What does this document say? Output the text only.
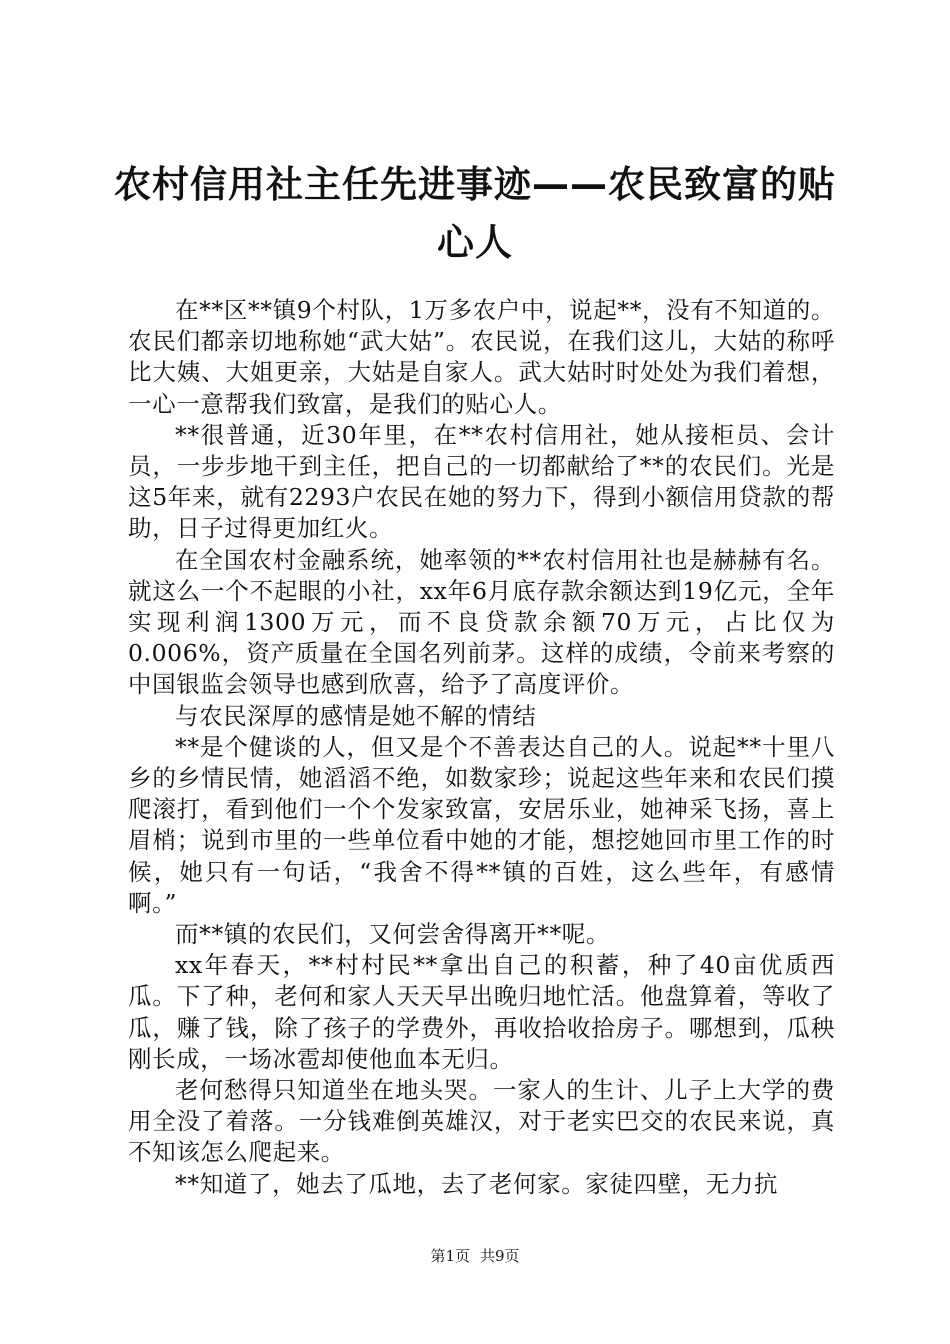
农村信用社主任先进事迹——农民致富的贴心人

在**区**镇9个村队，1万多农户中，说起**，没有不知道的。农民们都亲切地称她“武大姑”。农民说，在我们这儿，大姑的称呼比大姨、大姐更亲，大姑是自家人。武大姑时时处处为我们着想，一心一意帮我们致富，是我们的贴心人。

**很普通，近30年里，在**农村信用社，她从接柜员、会计员，一步步地干到主任，把自己的一切都献给了**的农民们。光是这5年来，就有2293户农民在她的努力下，得到小额信用贷款的帮助，日子过得更加红火。

在全国农村金融系统，她率领的**农村信用社也是赫赫有名。就这么一个不起眼的小社，xx年6月底存款余额达到19亿元，全年实现利润1300万元，而不良贷款余额70万元，占比仅为0.006%，资产质量在全国名列前茅。这样的成绩，令前来考察的中国银监会领导也感到欣喜，给予了高度评价。

与农民深厚的感情是她不解的情结

**是个健谈的人，但又是个不善表达自己的人。说起**十里八乡的乡情民情，她滔滔不绝，如数家珍；说起这些年来和农民们摸爬滚打，看到他们一个个发家致富，安居乐业，她神采飞扬，喜上眉梢；说到市里的一些单位看中她的才能，想挖她回市里工作的时候，她只有一句话，“我舍不得**镇的百姓，这么些年，有感情啊。”

而**镇的农民们，又何尝舍得离开**呢。

xx年春天，**村村民**拿出自己的积蓄，种了40亩优质西瓜。下了种，老何和家人天天早出晚归地忙活。他盘算着，等收了瓜，赚了钱，除了孩子的学费外，再收拾收拾房子。哪想到，瓜秧刚长成，一场冰雹却使他血本无归。

老何愁得只知道坐在地头哭。一家人的生计、儿子上大学的费用全没了着落。一分钱难倒英雄汉，对于老实巴交的农民来说，真不知该怎么爬起来。

**知道了，她去了瓜地，去了老何家。家徒四壁，无力抗

第1页 共9页
